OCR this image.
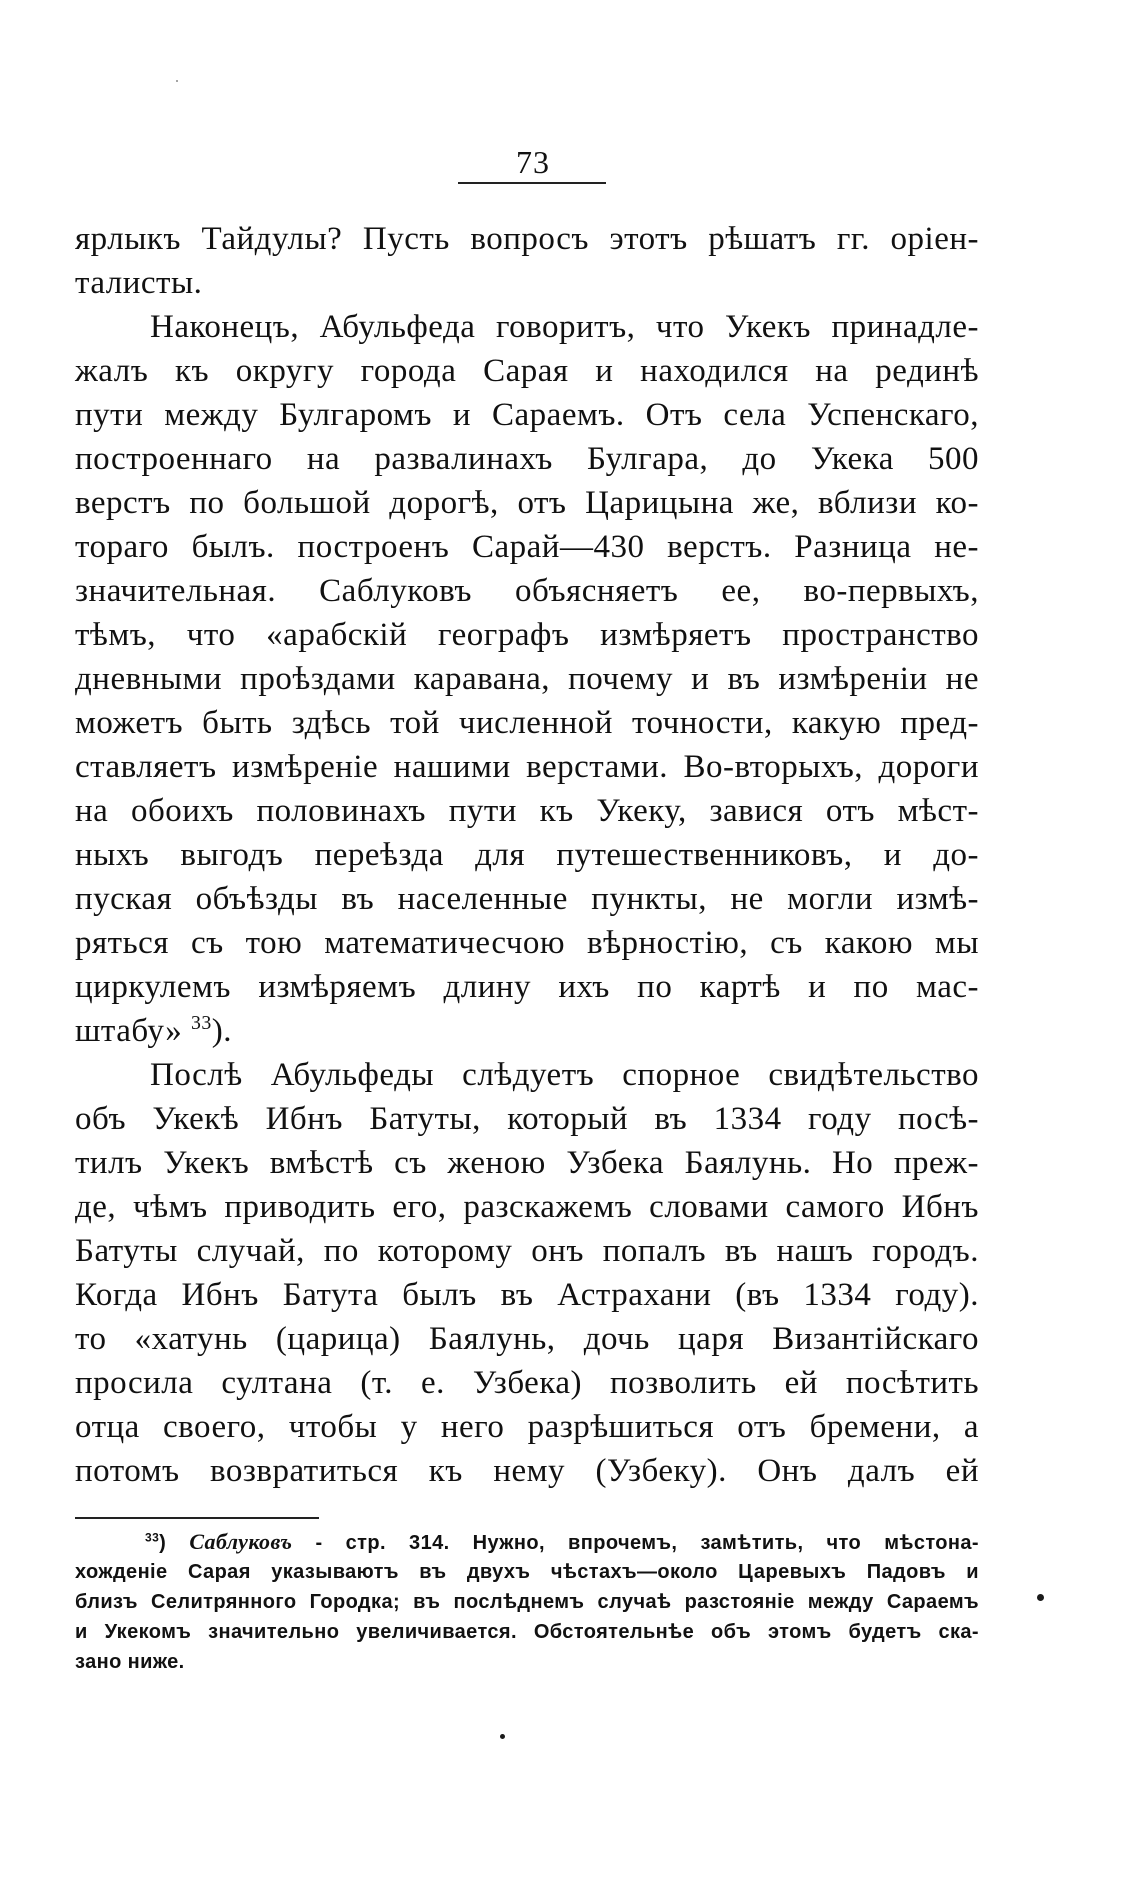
73
ярлыкъ Тайдулы? Пусть вопросъ этотъ рѣшатъ гг. оріен-
талисты.
Наконецъ, Абульфеда говоритъ, что Укекъ принадле-
жалъ къ округу города Сарая и находился на рединѣ
пути между Булгаромъ и Сараемъ. Отъ села Успенскаго,
построеннаго на развалинахъ Булгара, до Укека 500
верстъ по большой дорогѣ, отъ Царицына же, вблизи ко-
тораго былъ. построенъ Сарай—430 верстъ. Разница не-
значительная. Саблуковъ объясняетъ ее, во-первыхъ,
тѣмъ, что «арабскій географъ измѣряетъ пространство
дневными проѣздами каравана, почему и въ измѣреніи не
можетъ быть здѣсь той численной точности, какую пред-
ставляетъ измѣреніе нашими верстами. Во-вторыхъ, дороги
на обоихъ половинахъ пути къ Укеку, завися отъ мѣст-
ныхъ выгодъ переѣзда для путешественниковъ, и до-
пуская объѣзды въ населенные пункты, не могли измѣ-
ряться съ тою математичесчою вѣрностію, съ какою мы
циркулемъ измѣряемъ длину ихъ по картѣ и по мас-
штабу» $^{33}$).
Послѣ Абульфеды слѣдуетъ спорное свидѣтельство
объ Укекѣ Ибнъ Батуты, который въ 1334 году посѣ-
тилъ Укекъ вмѣстѣ съ женою Узбека Баялунь. Но преж-
де, чѣмъ приводить его, разскажемъ словами самого Ибнъ
Батуты случай, по которому онъ попалъ въ нашъ городъ.
Когда Ибнъ Батута былъ въ Астрахани (въ 1334 году).
то «хатунь (царица) Баялунь, дочь царя Византійскаго
просила султана (т. е. Узбека) позволить ей посѣтить
отца своего, чтобы у него разрѣшиться отъ бремени, а
потомъ возвратиться къ нему (Узбеку). Онъ далъ ей
$^{33}$) Саблуковъ - стр. 314. Нужно, впрочемъ, замѣтить, что мѣстона-
хожденіе Сарая указываютъ въ двухъ чѣстахъ—около Царевыхъ Падовъ и
близъ Селитрянного Городка; въ послѣднемъ случаѣ разстояніе между Сараемъ
и Укекомъ значительно увеличивается. Обстоятельнѣе объ этомъ будетъ ска-
зано ниже.
